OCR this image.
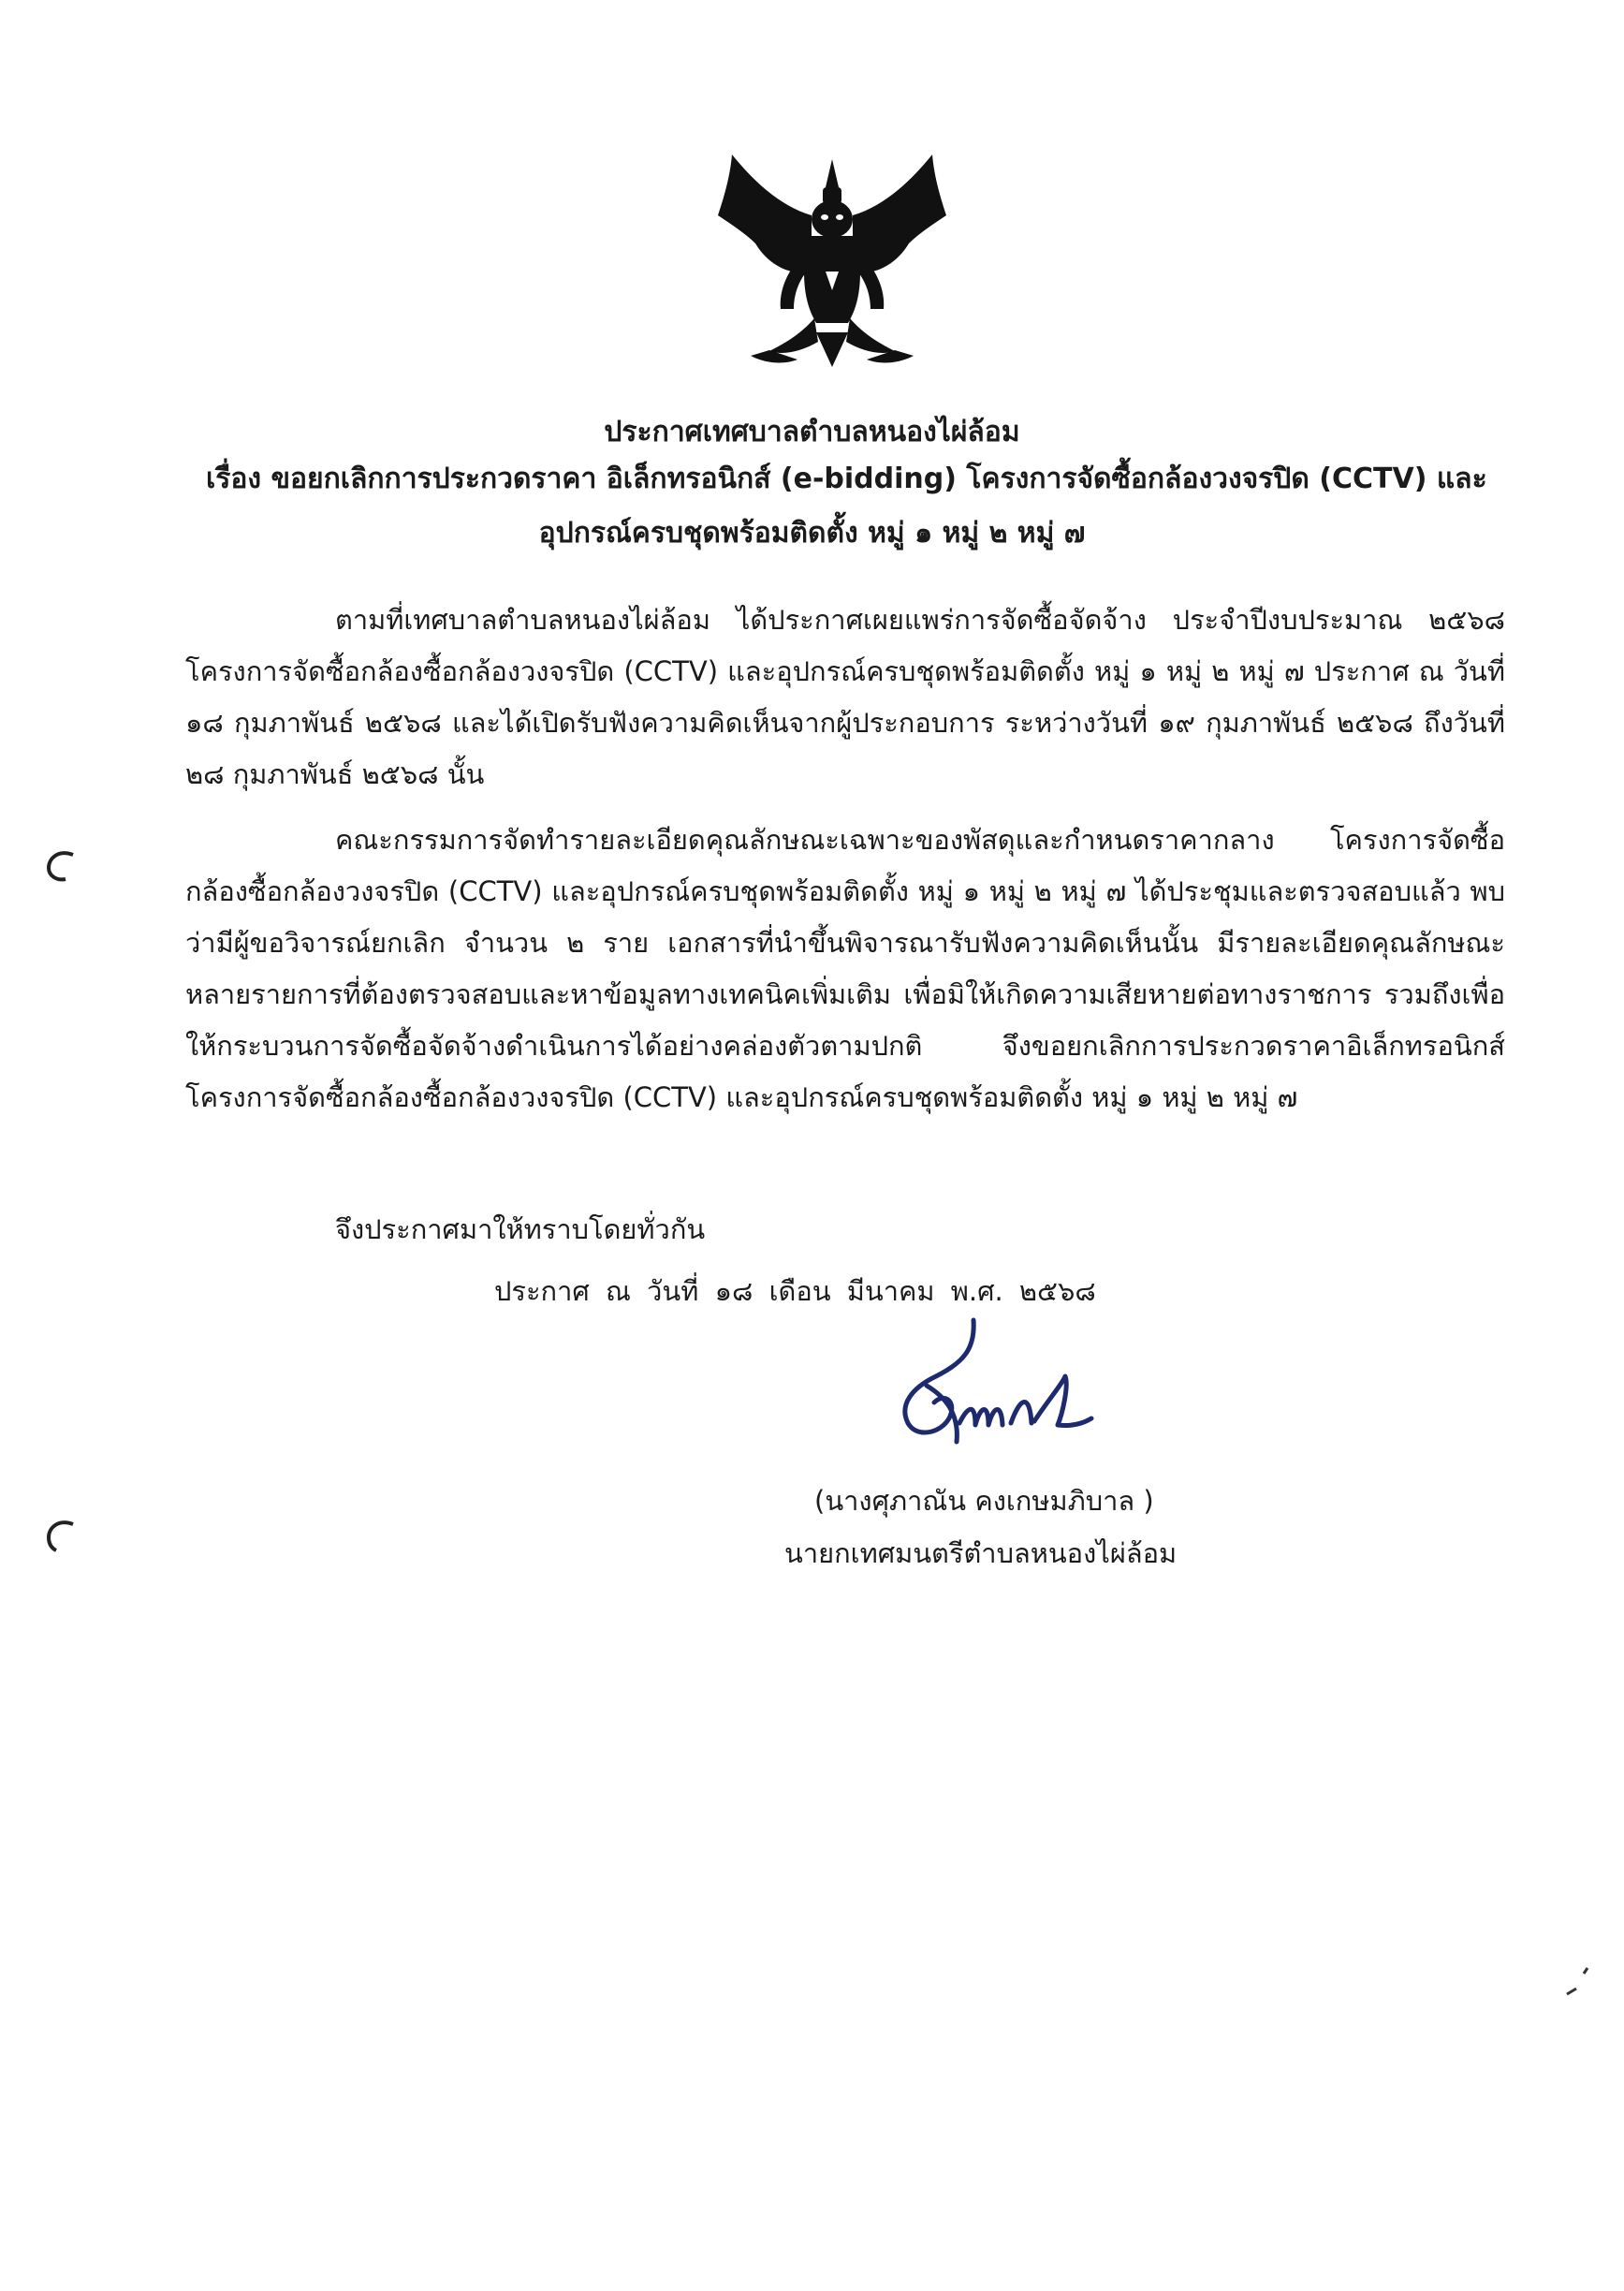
ประกาศเทศบาลตำบลหนองไผ่ล้อม
เรื่อง ขอยกเลิกการประกวดราคา อิเล็กทรอนิกส์ (e-bidding) โครงการจัดซื้อกล้องวงจรปิด (CCTV) และ
อุปกรณ์ครบชุดพร้อมติดตั้ง หมู่ ๑ หมู่ ๒ หมู่ ๗
ตามที่เทศบาลตำบลหนองไผ่ล้อม ได้ประกาศเผยแพร่การจัดซื้อจัดจ้าง ประจำปีงบประมาณ ๒๕๖๘ โครงการจัดซื้อกล้องซื้อกล้องวงจรปิด (CCTV) และอุปกรณ์ครบชุดพร้อมติดตั้ง หมู่ ๑ หมู่ ๒ หมู่ ๗ ประกาศ ณ วันที่ ๑๘ กุมภาพันธ์ ๒๕๖๘ และได้เปิดรับฟังความคิดเห็นจากผู้ประกอบการ ระหว่างวันที่ ๑๙ กุมภาพันธ์ ๒๕๖๘ ถึงวันที่ ๒๘ กุมภาพันธ์ ๒๕๖๘ นั้น
คณะกรรมการจัดทำรายละเอียดคุณลักษณะเฉพาะของพัสดุและกำหนดราคากลาง โครงการจัดซื้อกล้องซื้อกล้องวงจรปิด (CCTV) และอุปกรณ์ครบชุดพร้อมติดตั้ง หมู่ ๑ หมู่ ๒ หมู่ ๗ ได้ประชุมและตรวจสอบแล้ว พบว่ามีผู้ขอวิจารณ์ยกเลิก จำนวน ๒ ราย เอกสารที่นำขึ้นพิจารณารับฟังความคิดเห็นนั้น มีรายละเอียดคุณลักษณะหลายรายการที่ต้องตรวจสอบและหาข้อมูลทางเทคนิคเพิ่มเติม เพื่อมิให้เกิดความเสียหายต่อทางราชการ รวมถึงเพื่อให้กระบวนการจัดซื้อจัดจ้างดำเนินการได้อย่างคล่องตัวตามปกติ จึงขอยกเลิกการประกวดราคาอิเล็กทรอนิกส์ โครงการจัดซื้อกล้องซื้อกล้องวงจรปิด (CCTV) และอุปกรณ์ครบชุดพร้อมติดตั้ง หมู่ ๑ หมู่ ๒ หมู่ ๗
จึงประกาศมาให้ทราบโดยทั่วกัน
ประกาศ ณ วันที่ ๑๘ เดือน มีนาคม พ.ศ. ๒๕๖๘
(นางศุภาณัน คงเกษมภิบาล )
นายกเทศมนตรีตำบลหนองไผ่ล้อม
